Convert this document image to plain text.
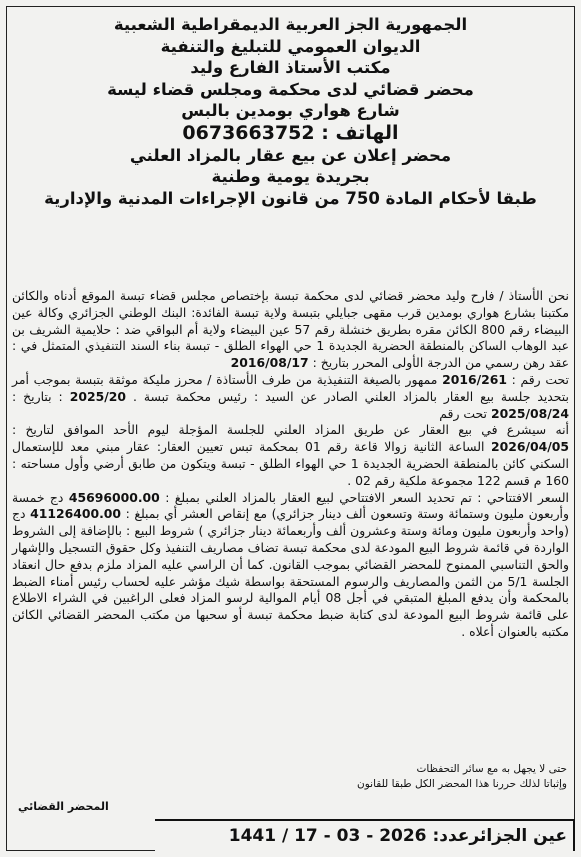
الجمهورية الجز العربية الديمقراطية الشعبية

الديوان العمومي للتبليغ والتنفية

مكتب الأستاذ الفارع وليد

محضر قضائي لدى محكمة ومجلس قضاء ليسة

شارع هواري بومدين بالبس

الهاتف : 0673663752

محضر إعلان عن بيع عقار بالمزاد العلني

بجريدة يومية وطنية

طبقا لأحكام المادة 750 من قانون الإجراءات المدنية والإدارية

نحن الأستاذ / فارح وليد محضر قضائي لدى محكمة تبسة بإختصاص مجلس قضاء تبسة الموقع أدناه والكائن مكتبنا بشارع هواري بومدين قرب مقهى جبايلي بتبسة ولاية تبسة الفائدة: البنك الوطني الجزائري وكالة عين البيضاء رقم 800 الكائن مقره بطريق خنشلة رقم 57 عين البيضاء ولاية أم البواقي ضد : حلايمية الشريف بن عبد الوهاب الساكن بالمنطقة الحضرية الجديدة 1 حي الهواء الطلق - تبسة بناء السند التنفيذي المتمثل في : عقد رهن رسمي من الدرجة الأولى المحرر بتاريخ : 2016/08/17

تحت رقم : 2016/261 ممهور بالصيغة التنفيذية من طرف الأستاذة / محرز مليكة موثقة بتبسة بموجب أمر بتحديد جلسة بيع العقار بالمزاد العلني الصادر عن السيد : رئيس محكمة تبسة . 2025/20 : بتاريخ : 2025/08/24 تحت رقم

أنه سيشرع في بيع العقار عن طريق المزاد العلني للجلسة المؤجلة ليوم الأحد الموافق لتاريخ : 2026/04/05 الساعة الثانية زوالا قاعة رقم 01 بمحكمة تبس تعيين العقار: عقار مبني معد للإستعمال السكني كائن بالمنطقة الحضرية الجديدة 1 حي الهواء الطلق - تبسة ويتكون من طابق أرضي وأول مساحته : 160 م قسم 122 مجموعة ملكية رقم 02 .

السعر الافتتاحي : تم تحديد السعر الافتتاحي لبيع العقار بالمزاد العلني بمبلغ : 45696000.00 دج خمسة وأربعون مليون وستمائة وستة وتسعون ألف دينار جزائري) مع إنقاص العشر أي بمبلغ : 41126400.00 دج (واحد وأربعون مليون ومائة وستة وعشرون ألف وأربعمائة دينار جزائري ) شروط البيع : بالإضافة إلى الشروط الواردة في قائمة شروط البيع المودعة لدى محكمة تبسة تضاف مصاريف التنفيذ وكل حقوق التسجيل والإشهار والحق التناسبي الممنوح للمحضر القضائي بموجب القانون. كما أن الراسي عليه المزاد ملزم بدفع حال انعقاد الجلسة 5/1 من الثمن والمصاريف والرسوم المستحقة بواسطة شيك مؤشر عليه لحساب رئيس أمناء الضبط بالمحكمة وأن يدفع المبلغ المتبقي في أجل 08 أيام الموالية لرسو المزاد فعلى الراغبين في الشراء الاطلاع على قائمة شروط البيع المودعة لدى كتابة ضبط محكمة تبسة أو سحبها من مكتب المحضر القضائي الكائن مكتبه بالعنوان أعلاه .

حتى لا يجهل به مع سائر التحفظات

وإثباتا لذلك حررنا هذا المحضر الكل طبقا للقانون

المحضر القضائي
عين الجزائرعدد: 1441 / 17 - 03 - 2026
